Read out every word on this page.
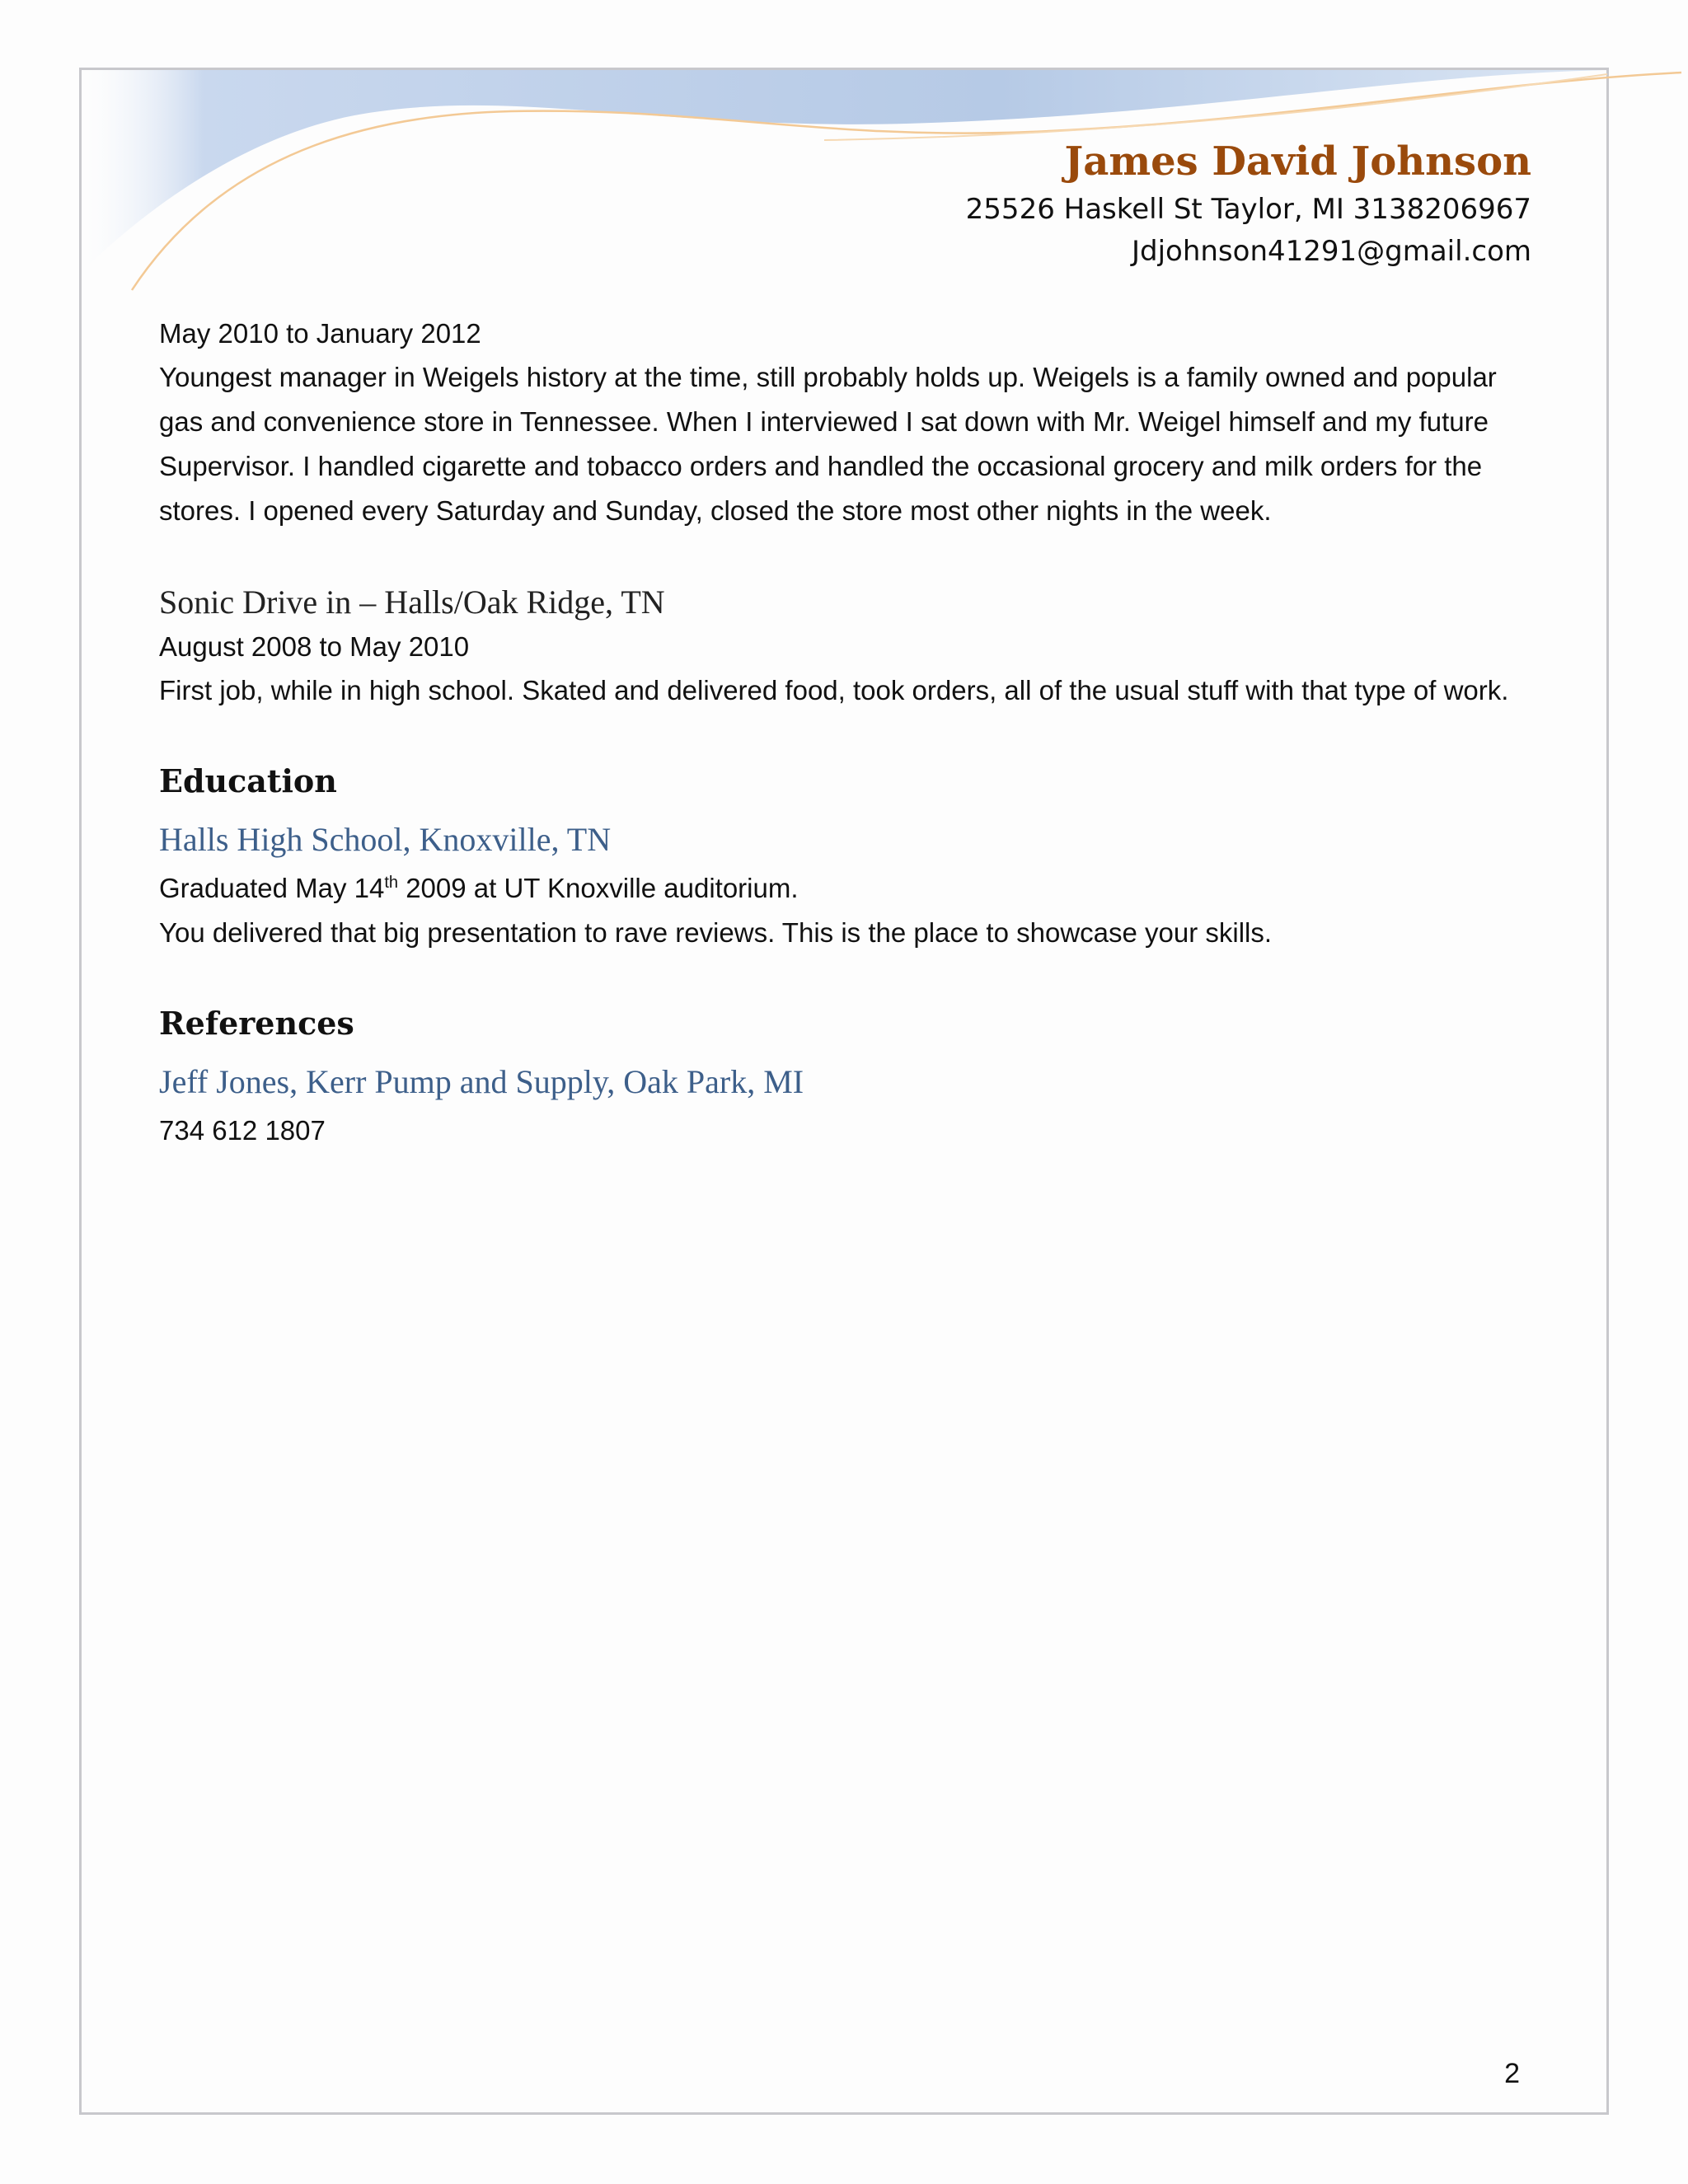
James David Johnson
25526 Haskell St Taylor, MI 3138206967
Jdjohnson41291@gmail.com

May 2010 to January 2012

Youngest manager in Weigels history at the time, still probably holds up. Weigels is a family owned and popular gas and convenience store in Tennessee. When I interviewed I sat down with Mr. Weigel himself and my future Supervisor. I handled cigarette and tobacco orders and handled the occasional grocery and milk orders for the stores. I opened every Saturday and Sunday, closed the store most other nights in the week.

Sonic Drive in – Halls/Oak Ridge, TN

August 2008 to May 2010

First job, while in high school. Skated and delivered food, took orders, all of the usual stuff with that type of work.

Education
Halls High School, Knoxville, TN

Graduated May 14th 2009 at UT Knoxville auditorium.

You delivered that big presentation to rave reviews. This is the place to showcase your skills.

References
Jeff Jones, Kerr Pump and Supply, Oak Park, MI

734 612 1807

2
